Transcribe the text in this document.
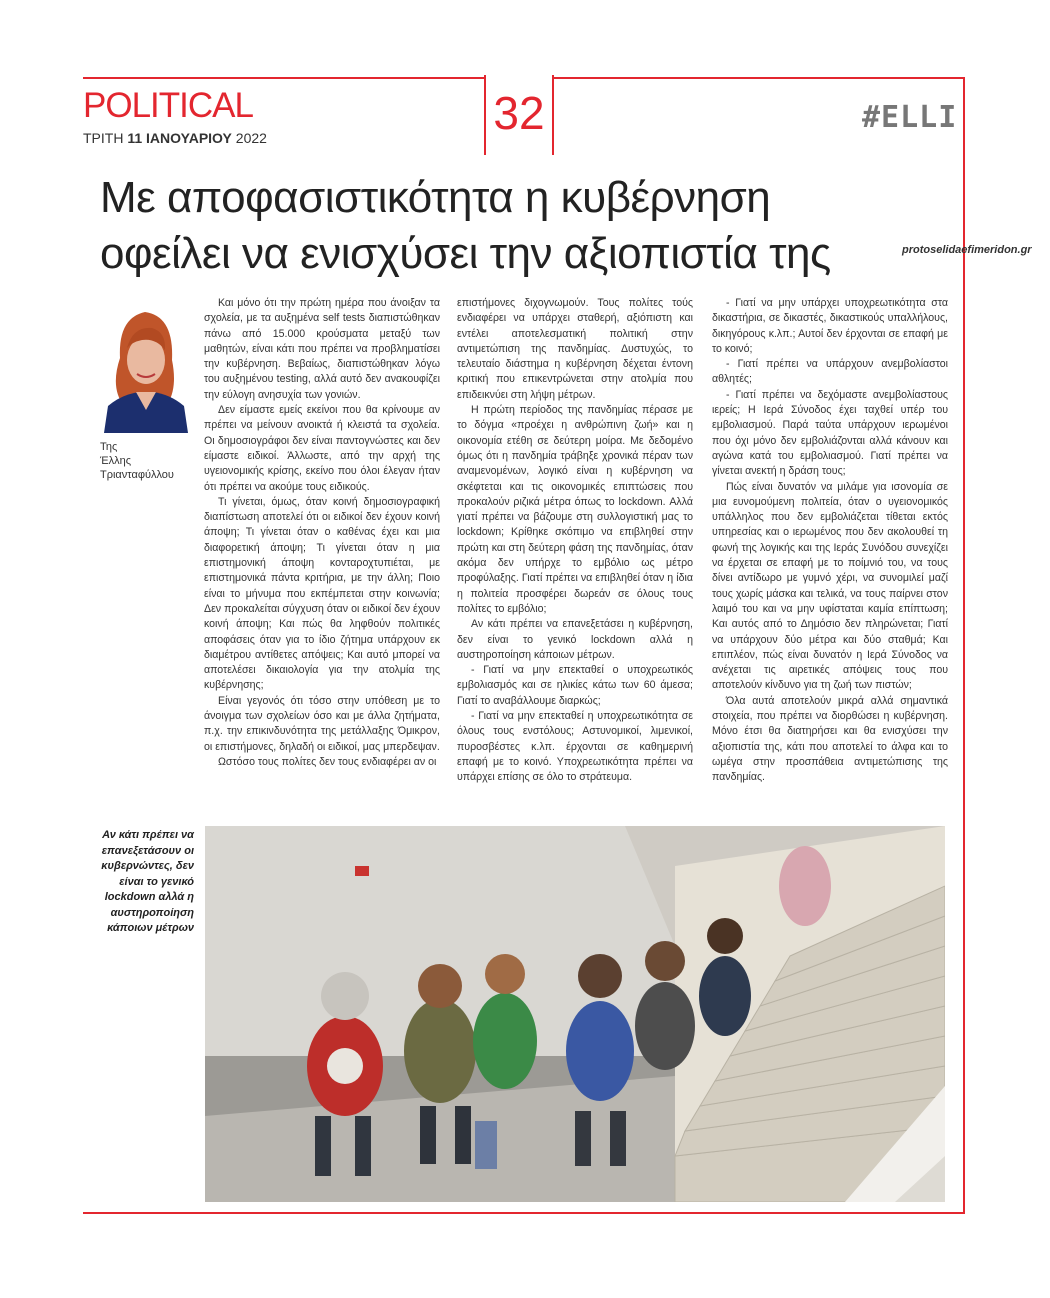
POLITICAL
ΤΡΙΤΗ 11 ΙΑΝΟΥΑΡΙΟΥ 2022	32	#ELLI
Με αποφασιστικότητα η κυβέρνηση
οφείλει να ενισχύσει την αξιοπιστία της	protoselidaefimeridon.gr
Της
Έλλης Τριανταφύλλου

Και μόνο ότι την πρώτη ημέρα που άνοιξαν τα σχολεία, με τα αυξημένα self tests διαπιστώθηκαν πάνω από 15.000 κρούσματα μεταξύ των μαθητών, είναι κάτι που πρέπει να προβληματίσει την κυβέρνηση. Βεβαίως, διαπιστώθηκαν λόγω του αυξημένου testing, αλλά αυτό δεν ανακουφίζει την εύλογη ανησυχία των γονιών.

Δεν είμαστε εμείς εκείνοι που θα κρίνουμε αν πρέπει να μείνουν ανοικτά ή κλειστά τα σχολεία. Οι δημοσιογράφοι δεν είναι παντογνώστες και δεν είμαστε ειδικοί. Άλλωστε, από την αρχή της υγειονομικής κρίσης, εκείνο που όλοι έλεγαν ήταν ότι πρέπει να ακούμε τους ειδικούς.

Τι γίνεται, όμως, όταν κοινή δημοσιογραφική διαπίστωση αποτελεί ότι οι ειδικοί δεν έχουν κοινή άποψη; Τι γίνεται όταν ο καθένας έχει και μια διαφορετική άποψη; Τι γίνεται όταν η μια επιστημονική άποψη κονταροχτυπιέται, με επιστημονικά πάντα κριτήρια, με την άλλη; Ποιο είναι το μήνυμα που εκπέμπεται στην κοινωνία; Δεν προκαλείται σύγχυση όταν οι ειδικοί δεν έχουν κοινή άποψη; Και πώς θα ληφθούν πολιτικές αποφάσεις όταν για το ίδιο ζήτημα υπάρχουν εκ διαμέτρου αντίθετες απόψεις; Και αυτό μπορεί να αποτελέσει δικαιολογία για την ατολμία της κυβέρνησης;

Είναι γεγονός ότι τόσο στην υπόθεση με το άνοιγμα των σχολείων όσο και με άλλα ζητήματα, π.χ. την επικινδυνότητα της μετάλλαξης Όμικρον, οι επιστήμονες, δηλαδή οι ειδικοί, μας μπερδεψαν.

Ωστόσο τους πολίτες δεν τους ενδιαφέρει αν οι

επιστήμονες διχογνωμούν. Τους πολίτες τούς ενδιαφέρει να υπάρχει σταθερή, αξιόπιστη και εντέλει αποτελεσματική πολιτική στην αντιμετώπιση της πανδημίας. Δυστυχώς, το τελευταίο διάστημα η κυβέρνηση δέχεται έντονη κριτική που επικεντρώνεται στην ατολμία που επιδεικνύει στη λήψη μέτρων.

Η πρώτη περίοδος της πανδημίας πέρασε με το δόγμα «προέχει η ανθρώπινη ζωή» και η οικονομία ετέθη σε δεύτερη μοίρα. Με δεδομένο όμως ότι η πανδημία τράβηξε χρονικά πέραν των αναμενομένων, λογικό είναι η κυβέρνηση να σκέφτεται και τις οικονομικές επιπτώσεις που προκαλούν ριζικά μέτρα όπως το lockdown. Αλλά γιατί πρέπει να βάζουμε στη συλλογιστική μας το lockdown; Κρίθηκε σκόπιμο να επιβληθεί στην πρώτη και στη δεύτερη φάση της πανδημίας, όταν ακόμα δεν υπήρχε το εμβόλιο ως μέτρο προφύλαξης. Γιατί πρέπει να επιβληθεί όταν η ίδια η πολιτεία προσφέρει δωρεάν σε όλους τους πολίτες το εμβόλιο;

Αν κάτι πρέπει να επανεξετάσει η κυβέρνηση, δεν είναι το γενικό lockdown αλλά η αυστηροποίηση κάποιων μέτρων.

- Γιατί να μην επεκταθεί ο υποχρεωτικός εμβολιασμός και σε ηλικίες κάτω των 60 άμεσα; Γιατί το αναβάλλουμε διαρκώς;

- Γιατί να μην επεκταθεί η υποχρεωτικότητα σε όλους τους ενστόλους; Αστυνομικοί, λιμενικοί, πυροσβέστες κ.λπ. έρχονται σε καθημερινή επαφή με το κοινό. Υποχρεωτικότητα πρέπει να υπάρχει επίσης σε όλο το στράτευμα.

- Γιατί να μην υπάρχει υποχρεωτικότητα στα δικαστήρια, σε δικαστές, δικαστικούς υπαλλήλους, δικηγόρους κ.λπ.; Αυτοί δεν έρχονται σε επαφή με το κοινό;

- Γιατί πρέπει να υπάρχουν ανεμβολίαστοι αθλητές;

- Γιατί πρέπει να δεχόμαστε ανεμβολίαστους ιερείς; Η Ιερά Σύνοδος έχει ταχθεί υπέρ του εμβολιασμού. Παρά ταύτα υπάρχουν ιερωμένοι που όχι μόνο δεν εμβολιάζονται αλλά κάνουν και αγώνα κατά του εμβολιασμού. Γιατί πρέπει να γίνεται ανεκτή η δράση τους;

Πώς είναι δυνατόν να μιλάμε για ισονομία σε μια ευνομούμενη πολιτεία, όταν ο υγειονομικός υπάλληλος που δεν εμβολιάζεται τίθεται εκτός υπηρεσίας και ο ιερωμένος που δεν ακολουθεί τη φωνή της λογικής και της Ιεράς Συνόδου συνεχίζει να έρχεται σε επαφή με το ποίμνιό του, να τους δίνει αντίδωρο με γυμνό χέρι, να συνομιλεί μαζί τους χωρίς μάσκα και τελικά, να τους παίρνει στον λαιμό του και να μην υφίσταται καμία επίπτωση; Και αυτός από το Δημόσιο δεν πληρώνεται; Γιατί να υπάρχουν δύο μέτρα και δύο σταθμά; Και επιπλέον, πώς είναι δυνατόν η Ιερά Σύνοδος να ανέχεται τις αιρετικές απόψεις τους που αποτελούν κίνδυνο για τη ζωή των πιστών;

Όλα αυτά αποτελούν μικρά αλλά σημαντικά στοιχεία, που πρέπει να διορθώσει η κυβέρνηση. Μόνο έτσι θα διατηρήσει και θα ενισχύσει την αξιοπιστία της, κάτι που αποτελεί το άλφα και το ωμέγα στην προσπάθεια αντιμετώπισης της πανδημίας.

Αν κάτι πρέπει να επανεξετάσουν οι κυβερνώντες, δεν είναι το γενικό lockdown αλλά η αυστηροποίηση κάποιων μέτρων
